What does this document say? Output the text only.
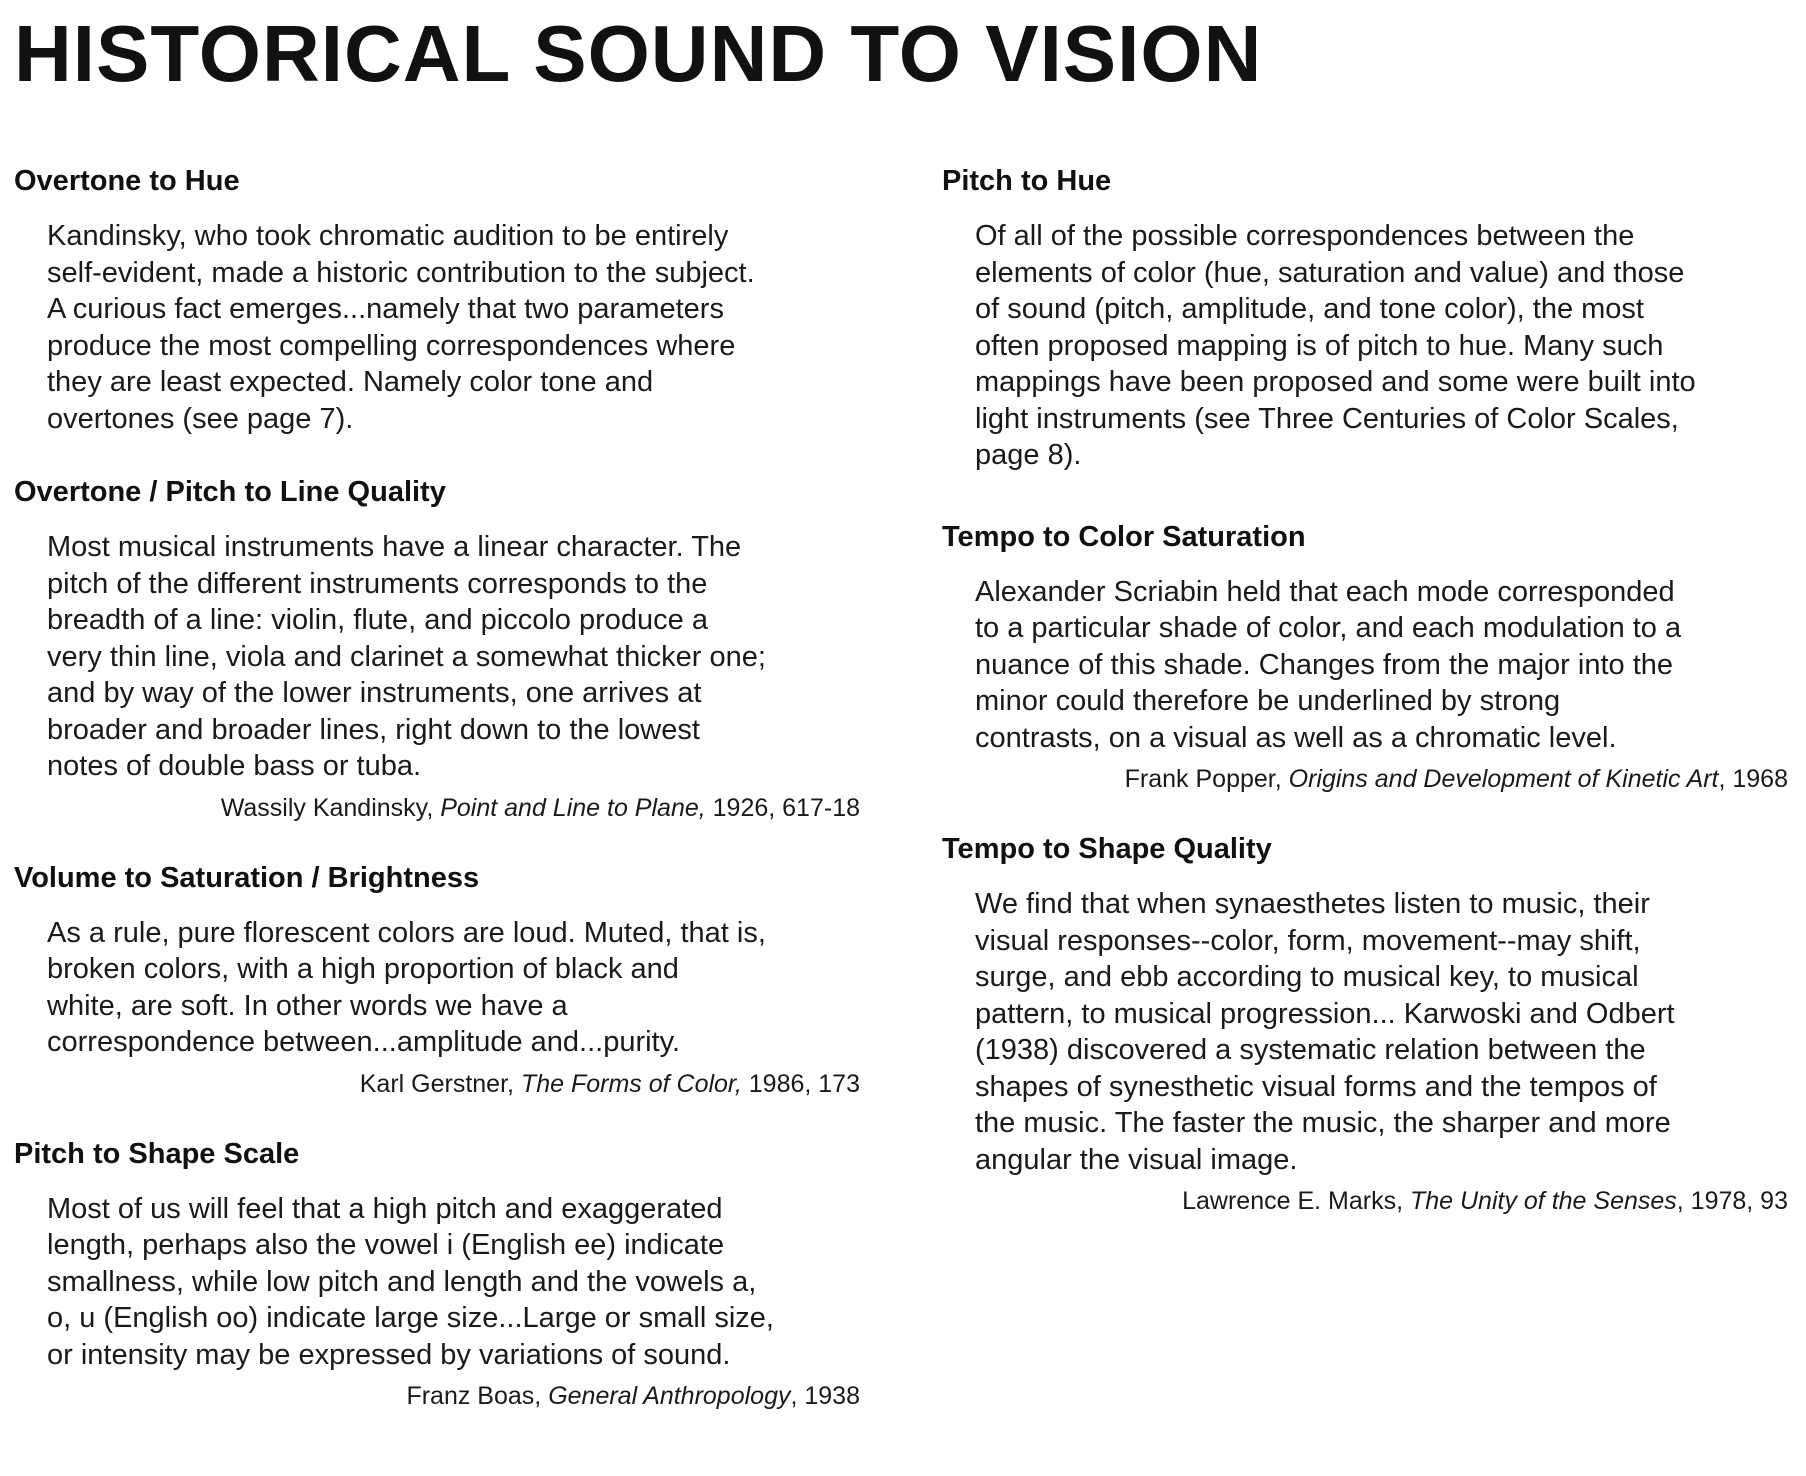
HISTORICAL SOUND TO VISION
Overtone to Hue
Kandinsky, who took chromatic audition to be entirely
self-evident, made a historic contribution to the subject.
A curious fact emerges...namely that two parameters
produce the most compelling correspondences where
they are least expected. Namely color tone and
overtones (see page 7).
Overtone / Pitch to Line Quality
Most musical instruments have a linear character. The
pitch of the different instruments corresponds to the
breadth of a line: violin, flute, and piccolo produce a
very thin line, viola and clarinet a somewhat thicker one;
and by way of the lower instruments, one arrives at
broader and broader lines, right down to the lowest
notes of double bass or tuba.

Wassily Kandinsky, Point and Line to Plane, 1926, 617-18

Volume to Saturation / Brightness
As a rule, pure florescent colors are loud. Muted, that is,
broken colors, with a high proportion of black and
white, are soft. In other words we have a
correspondence between...amplitude and...purity.

Karl Gerstner, The Forms of Color, 1986, 173

Pitch to Shape Scale
Most of us will feel that a high pitch and exaggerated
length, perhaps also the vowel i (English ee) indicate
smallness, while low pitch and length and the vowels a,
o, u (English oo) indicate large size...Large or small size,
or intensity may be expressed by variations of sound.

Franz Boas, General Anthropology, 1938

Pitch to Hue
Of all of the possible correspondences between the
elements of color (hue, saturation and value) and those
of sound (pitch, amplitude, and tone color), the most
often proposed mapping is of pitch to hue. Many such
mappings have been proposed and some were built into
light instruments (see Three Centuries of Color Scales,
page 8).
Tempo to Color Saturation
Alexander Scriabin held that each mode corresponded
to a particular shade of color, and each modulation to a
nuance of this shade. Changes from the major into the
minor could therefore be underlined by strong
contrasts, on a visual as well as a chromatic level.

Frank Popper, Origins and Development of Kinetic Art, 1968

Tempo to Shape Quality
We find that when synaesthetes listen to music, their
visual responses--color, form, movement--may shift,
surge, and ebb according to musical key, to musical
pattern, to musical progression... Karwoski and Odbert
(1938) discovered a systematic relation between the
shapes of synesthetic visual forms and the tempos of
the music. The faster the music, the sharper and more
angular the visual image.

Lawrence E. Marks, The Unity of the Senses, 1978, 93
